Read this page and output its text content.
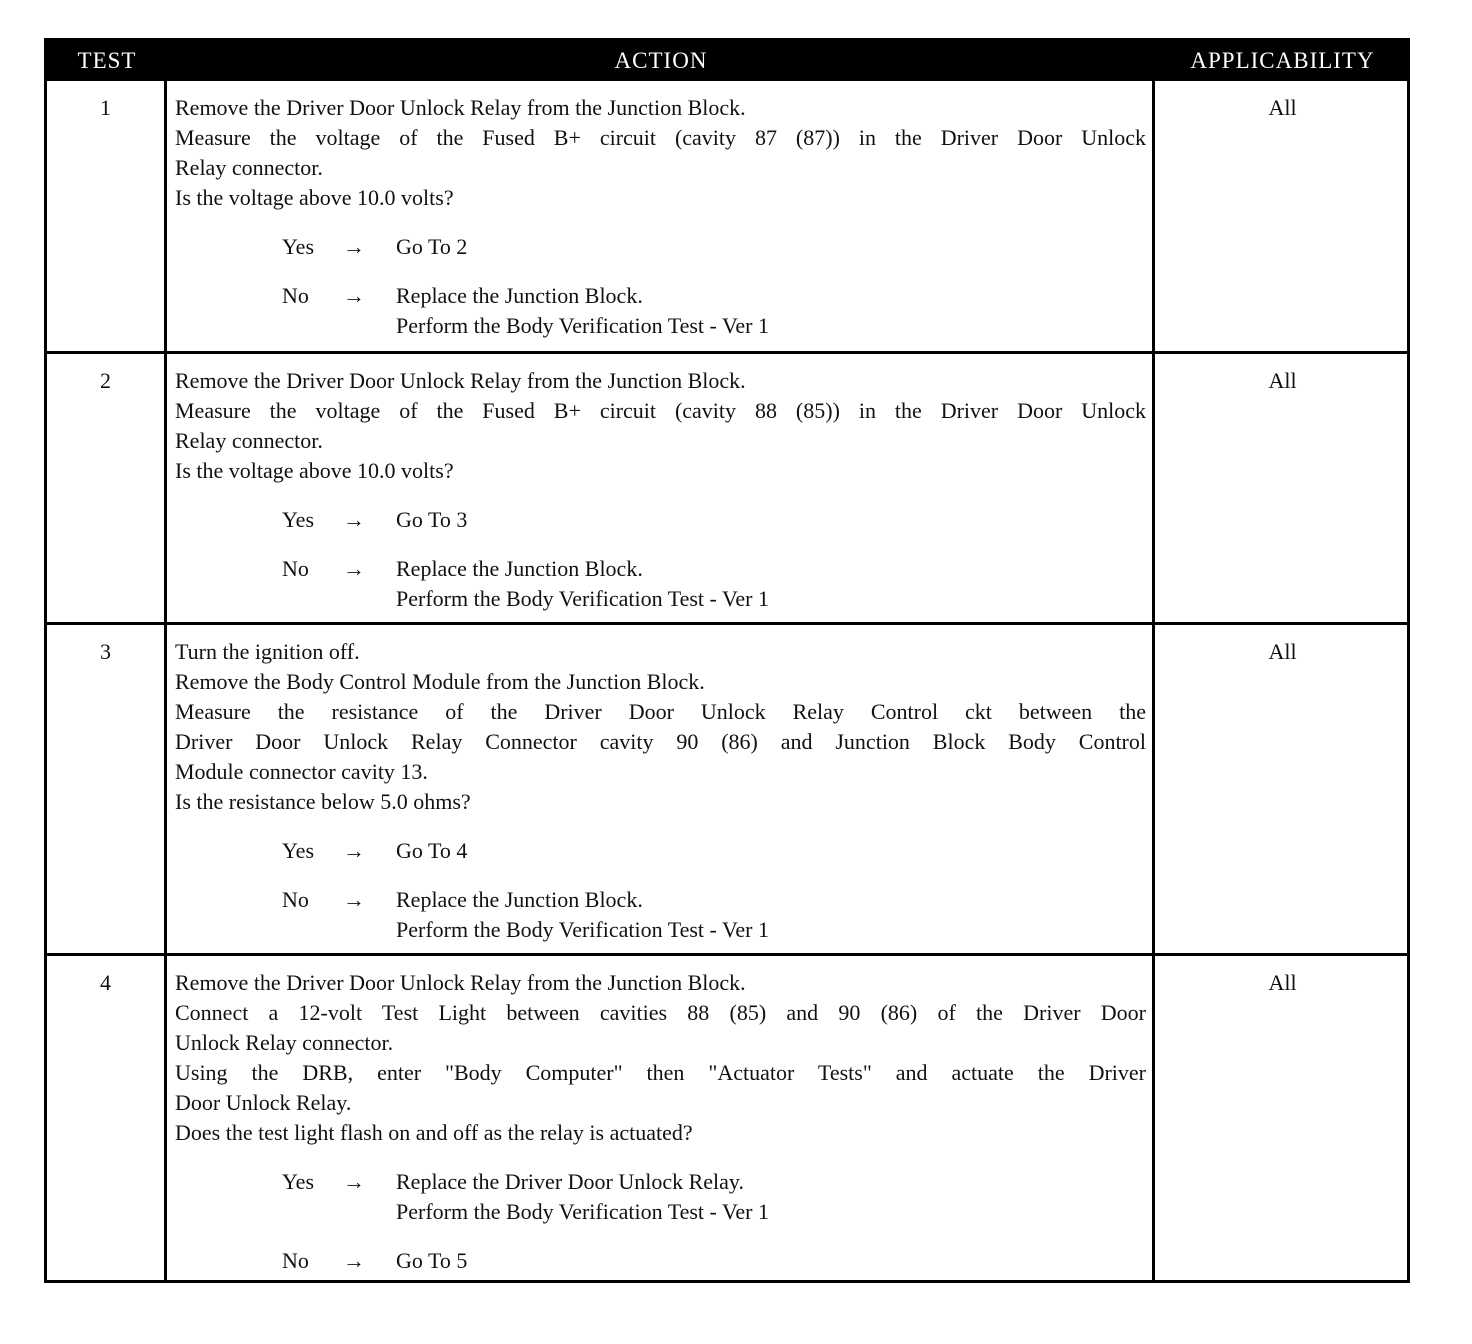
TEST	ACTION	APPLICABILITY
1	Remove the Driver Door Unlock Relay from the Junction Block.
Measure the voltage of the Fused B+ circuit (cavity 87 (87)) in the Driver Door Unlock
Relay connector.
Is the voltage above 10.0 volts?
Yes → Go To 2
No → Replace the Junction Block.
Perform the Body Verification Test - Ver 1
All
2	Remove the Driver Door Unlock Relay from the Junction Block.
Measure the voltage of the Fused B+ circuit (cavity 88 (85)) in the Driver Door Unlock
Relay connector.
Is the voltage above 10.0 volts?
Yes → Go To 3
No → Replace the Junction Block.
Perform the Body Verification Test - Ver 1
All
3	Turn the ignition off.
Remove the Body Control Module from the Junction Block.
Measure the resistance of the Driver Door Unlock Relay Control ckt between the
Driver Door Unlock Relay Connector cavity 90 (86) and Junction Block Body Control
Module connector cavity 13.
Is the resistance below 5.0 ohms?
Yes → Go To 4
No → Replace the Junction Block.
Perform the Body Verification Test - Ver 1
All
4	Remove the Driver Door Unlock Relay from the Junction Block.
Connect a 12-volt Test Light between cavities 88 (85) and 90 (86) of the Driver Door
Unlock Relay connector.
Using the DRB, enter "Body Computer" then "Actuator Tests" and actuate the Driver
Door Unlock Relay.
Does the test light flash on and off as the relay is actuated?
Yes → Replace the Driver Door Unlock Relay.
Perform the Body Verification Test - Ver 1
No → Go To 5
All
